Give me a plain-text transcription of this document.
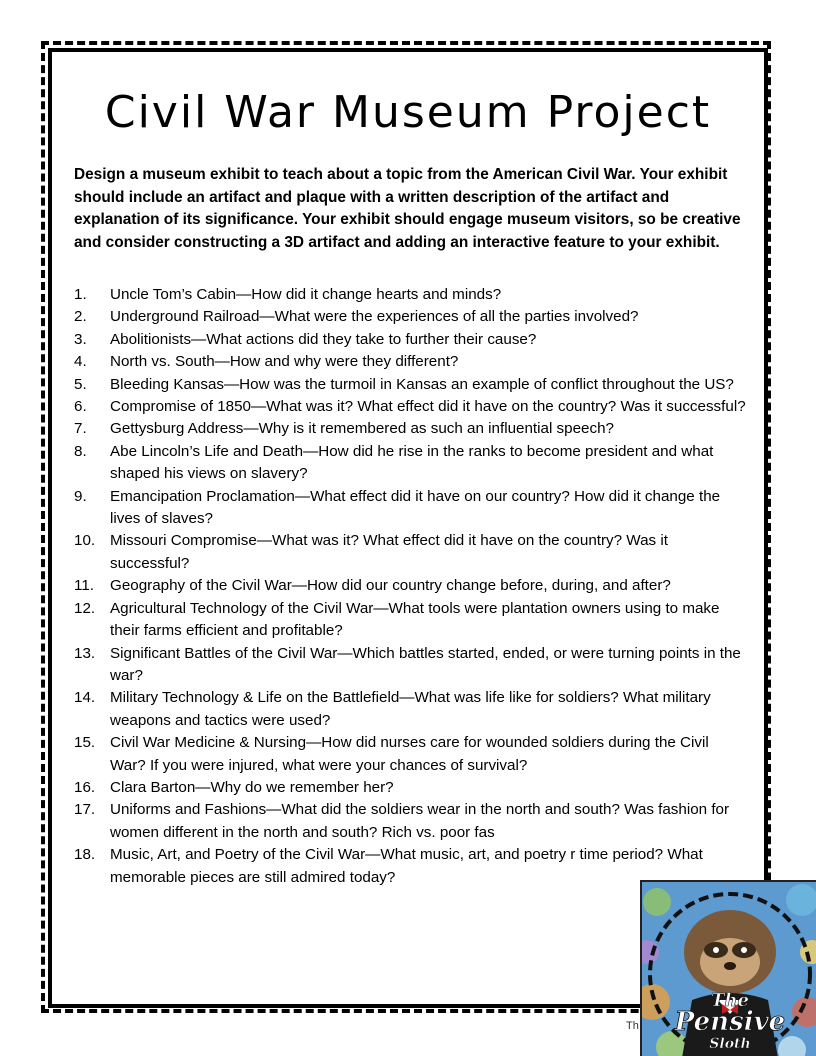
Civil War Museum Project

Design a museum exhibit to teach about a topic from the American Civil War. Your exhibit should include an artifact and plaque with a written description of the artifact and explanation of its significance. Your exhibit should engage museum visitors, so be creative and consider constructing a 3D artifact and adding an interactive feature to your exhibit.

1.	Uncle Tom’s Cabin—How did it change hearts and minds?
2.	Underground Railroad—What were the experiences of all the parties involved?
3.	Abolitionists—What actions did they take to further their cause?
4.	North vs. South—How and why were they different?
5.	Bleeding Kansas—How was the turmoil in Kansas an example of conflict throughout the US?
6.	Compromise of 1850—What was it? What effect did it have on the country? Was it successful?
7.	Gettysburg Address—Why is it remembered as such an influential speech?
8.	Abe Lincoln’s Life and Death—How did he rise in the ranks to become president and what shaped his views on slavery?
9.	Emancipation Proclamation—What effect did it have on our country? How did it change the lives of slaves?
10. Missouri Compromise—What was it? What effect did it have on the country? Was it successful?
11.	Geography of the Civil War—How did our country change before, during, and after?
12. Agricultural Technology of the Civil War—What tools were plantation owners using to make their farms efficient and profitable?
13. Significant Battles of the Civil War—Which battles started, ended, or were turning points in the war?
14. Military Technology & Life on the Battlefield—What was life like for soldiers? What military weapons and tactics were used?
15. Civil War Medicine & Nursing—How did nurses care for wounded soldiers during the Civil War? If you were injured, what were your chances of survival?
16. Clara Barton—Why do we remember her?
17. Uniforms and Fashions—What did the soldiers wear in the north and south? Was fashion for women different in the north and south? Rich vs. poor fas
18. Music, Art, and Poetry of the Civil War—What music, art, and poetry r time period? What memorable pieces are still admired today?
Th
The
Pensive
Sloth
